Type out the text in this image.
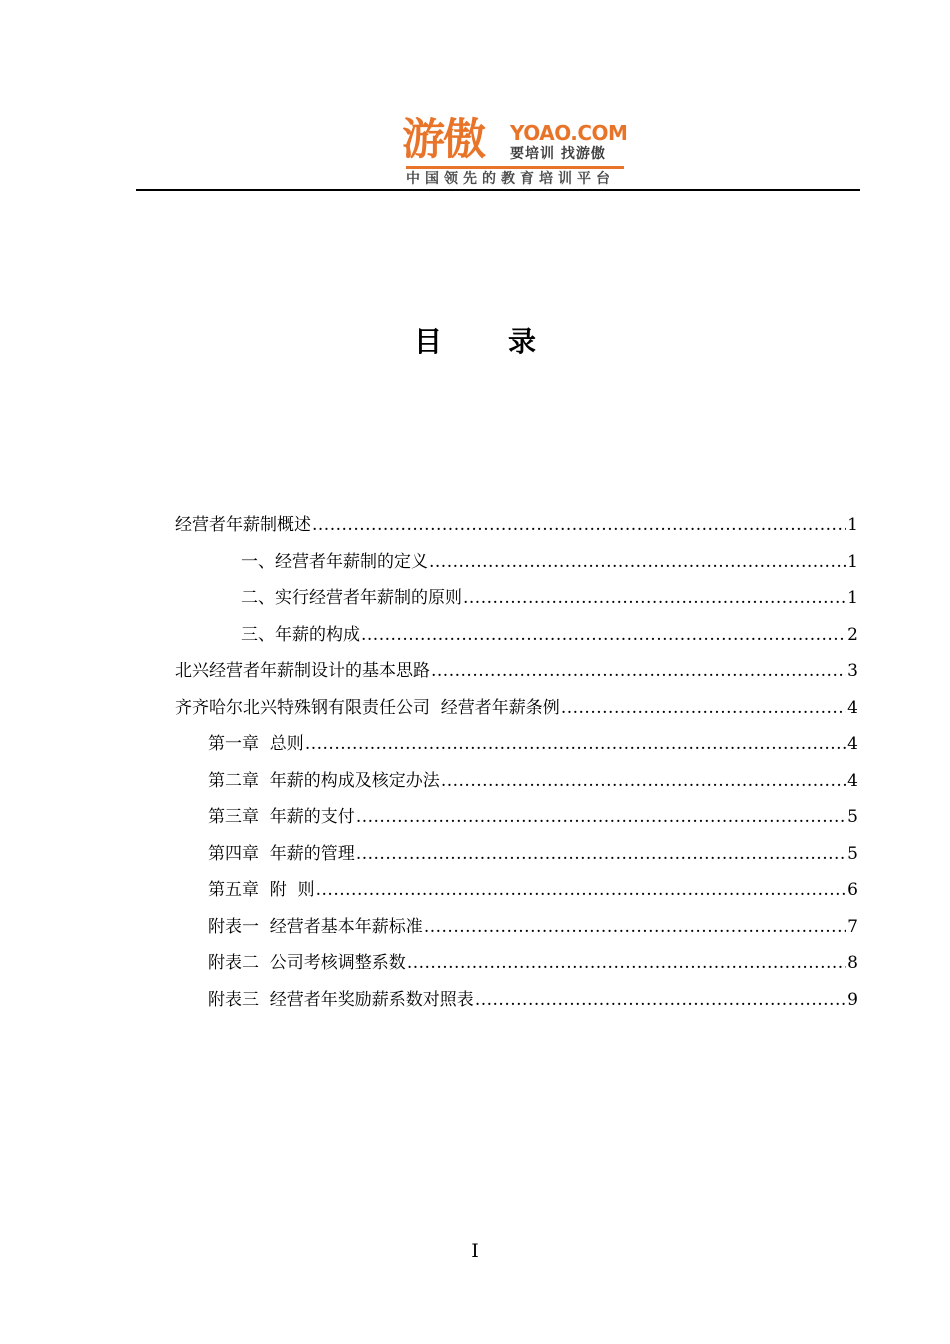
游傲 YOAO.COM
要培训 找游傲
中国领先的教育培训平台
目 录
经营者年薪制概述 .....	1
一、经营者年薪制的定义 .....	1
二、实行经营者年薪制的原则 .....	1
三、年薪的构成 .....	2
北兴经营者年薪制设计的基本思路 .....	3
齐齐哈尔北兴特殊钢有限责任公司  经营者年薪条例 .....	4
第一章  总则 .....	4
第二章  年薪的构成及核定办法 .....	4
第三章  年薪的支付 .....	5
第四章  年薪的管理 .....	5
第五章  附  则 .....	6
附表一  经营者基本年薪标准 .....	7
附表二  公司考核调整系数 .....	8
附表三  经营者年奖励薪系数对照表 .....	9
I
